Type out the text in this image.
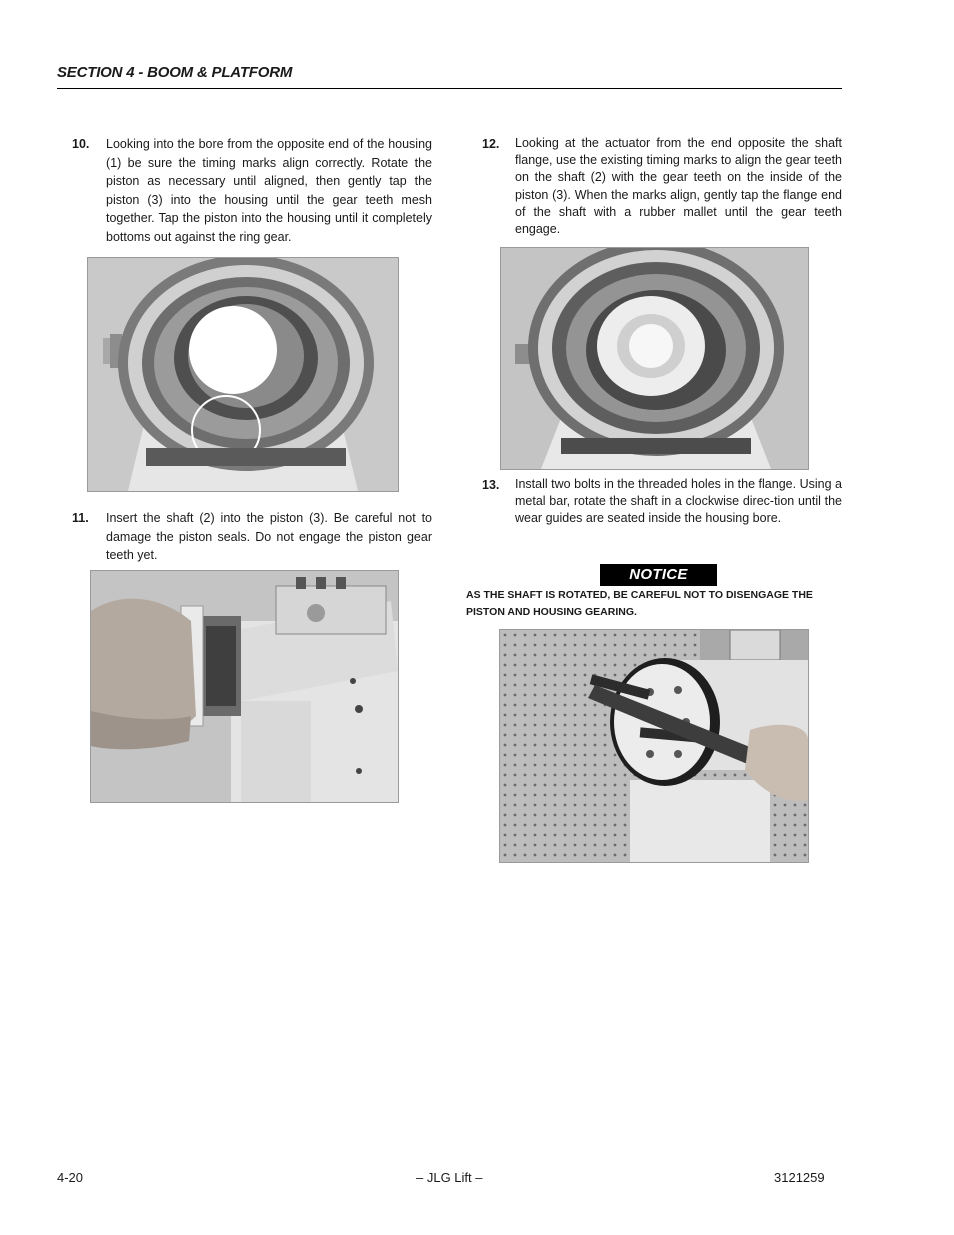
SECTION 4 - BOOM & PLATFORM
10.	Looking into the bore from the opposite end of the housing (1) be sure the timing marks align correctly. Rotate the piston as necessary until aligned, then gently tap the piston (3) into the housing until the gear teeth mesh together. Tap the piston into the housing until it completely bottoms out against the ring gear.
11.	Insert the shaft (2) into the piston (3). Be careful not to damage the piston seals. Do not engage the piston gear teeth yet.
12.	Looking at the actuator from the end opposite the shaft flange, use the existing timing marks to align the gear teeth on the shaft (2) with the gear teeth on the inside of the piston (3). When the marks align, gently tap the flange end of the shaft with a rubber mallet until the gear teeth engage.
13.	Install two bolts in the threaded holes in the flange. Using a metal bar, rotate the shaft in a clockwise direc-tion until the wear guides are seated inside the housing bore.
NOTICE
AS THE SHAFT IS ROTATED, BE CAREFUL NOT TO DISENGAGE THE PISTON AND HOUSING GEARING.
4-20	– JLG Lift –	3121259
